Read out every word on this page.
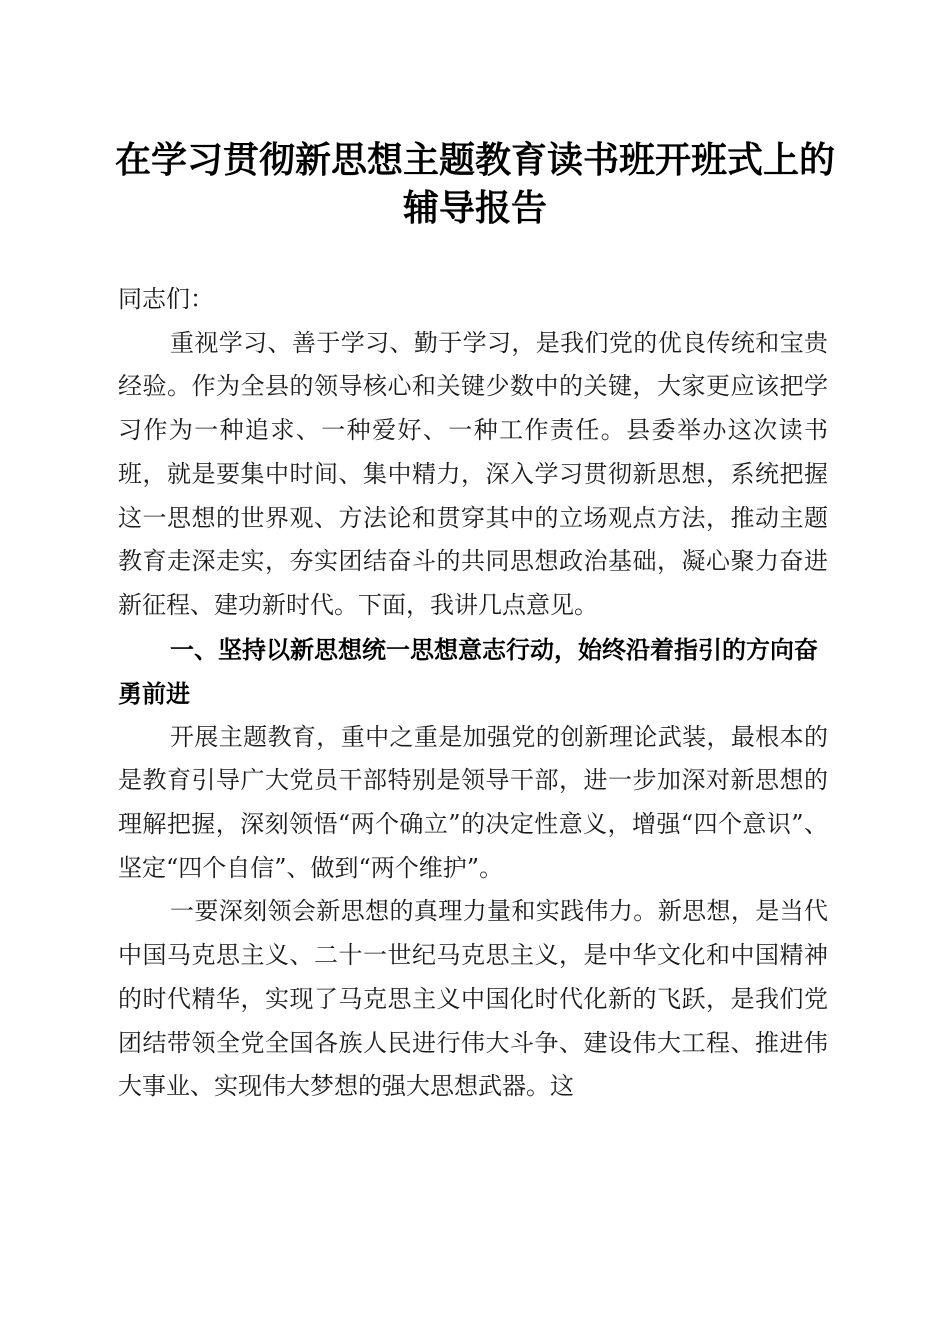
在学习贯彻新思想主题教育读书班开班式上的
辅导报告

同志们：

重视学习、善于学习、勤于学习，是我们党的优良传统和宝贵经验。作为全县的领导核心和关键少数中的关键，大家更应该把学习作为一种追求、一种爱好、一种工作责任。县委举办这次读书班，就是要集中时间、集中精力，深入学习贯彻新思想，系统把握这一思想的世界观、方法论和贯穿其中的立场观点方法，推动主题教育走深走实，夯实团结奋斗的共同思想政治基础，凝心聚力奋进新征程、建功新时代。下面，我讲几点意见。

一、坚持以新思想统一思想意志行动，始终沿着指引的方向奋勇前进

开展主题教育，重中之重是加强党的创新理论武装，最根本的是教育引导广大党员干部特别是领导干部，进一步加深对新思想的理解把握，深刻领悟“两个确立”的决定性意义，增强“四个意识”、坚定“四个自信”、做到“两个维护”。

一要深刻领会新思想的真理力量和实践伟力。新思想，是当代中国马克思主义、二十一世纪马克思主义，是中华文化和中国精神的时代精华，实现了马克思主义中国化时代化新的飞跃，是我们党团结带领全党全国各族人民进行伟大斗争、建设伟大工程、推进伟大事业、实现伟大梦想的强大思想武器。这
